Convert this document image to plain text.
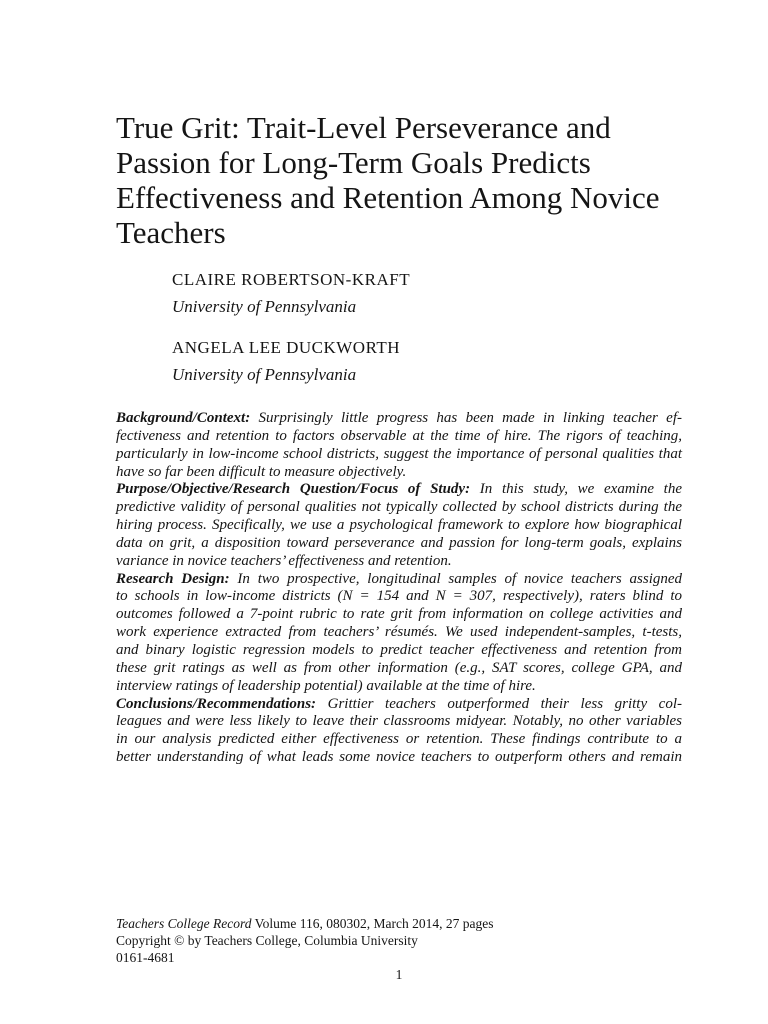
True Grit: Trait-Level Perseverance and
Passion for Long-Term Goals Predicts
Effectiveness and Retention Among Novice
Teachers
CLAIRE ROBERTSON-KRAFT
University of Pennsylvania
ANGELA LEE DUCKWORTH
University of Pennsylvania
Background/Context: Surprisingly little progress has been made in linking teacher ef-
fectiveness and retention to factors observable at the time of hire. The rigors of teaching,
particularly in low-income school districts, suggest the importance of personal qualities that
have so far been difficult to measure objectively.
Purpose/Objective/Research Question/Focus of Study: In this study, we examine the
predictive validity of personal qualities not typically collected by school districts during the
hiring process. Specifically, we use a psychological framework to explore how biographical
data on grit, a disposition toward perseverance and passion for long-term goals, explains
variance in novice teachers’ effectiveness and retention.
Research Design: In two prospective, longitudinal samples of novice teachers assigned
to schools in low-income districts (N = 154 and N = 307, respectively), raters blind to
outcomes followed a 7-point rubric to rate grit from information on college activities and
work experience extracted from teachers’ résumés. We used independent-samples, t-tests,
and binary logistic regression models to predict teacher effectiveness and retention from
these grit ratings as well as from other information (e.g., SAT scores, college GPA, and
interview ratings of leadership potential) available at the time of hire.
Conclusions/Recommendations: Grittier teachers outperformed their less gritty col-
leagues and were less likely to leave their classrooms midyear. Notably, no other variables
in our analysis predicted either effectiveness or retention. These findings contribute to a
better understanding of what leads some novice teachers to outperform others and remain
Teachers College Record Volume 116, 080302, March 2014, 27 pages
Copyright © by Teachers College, Columbia University
0161-4681
1
